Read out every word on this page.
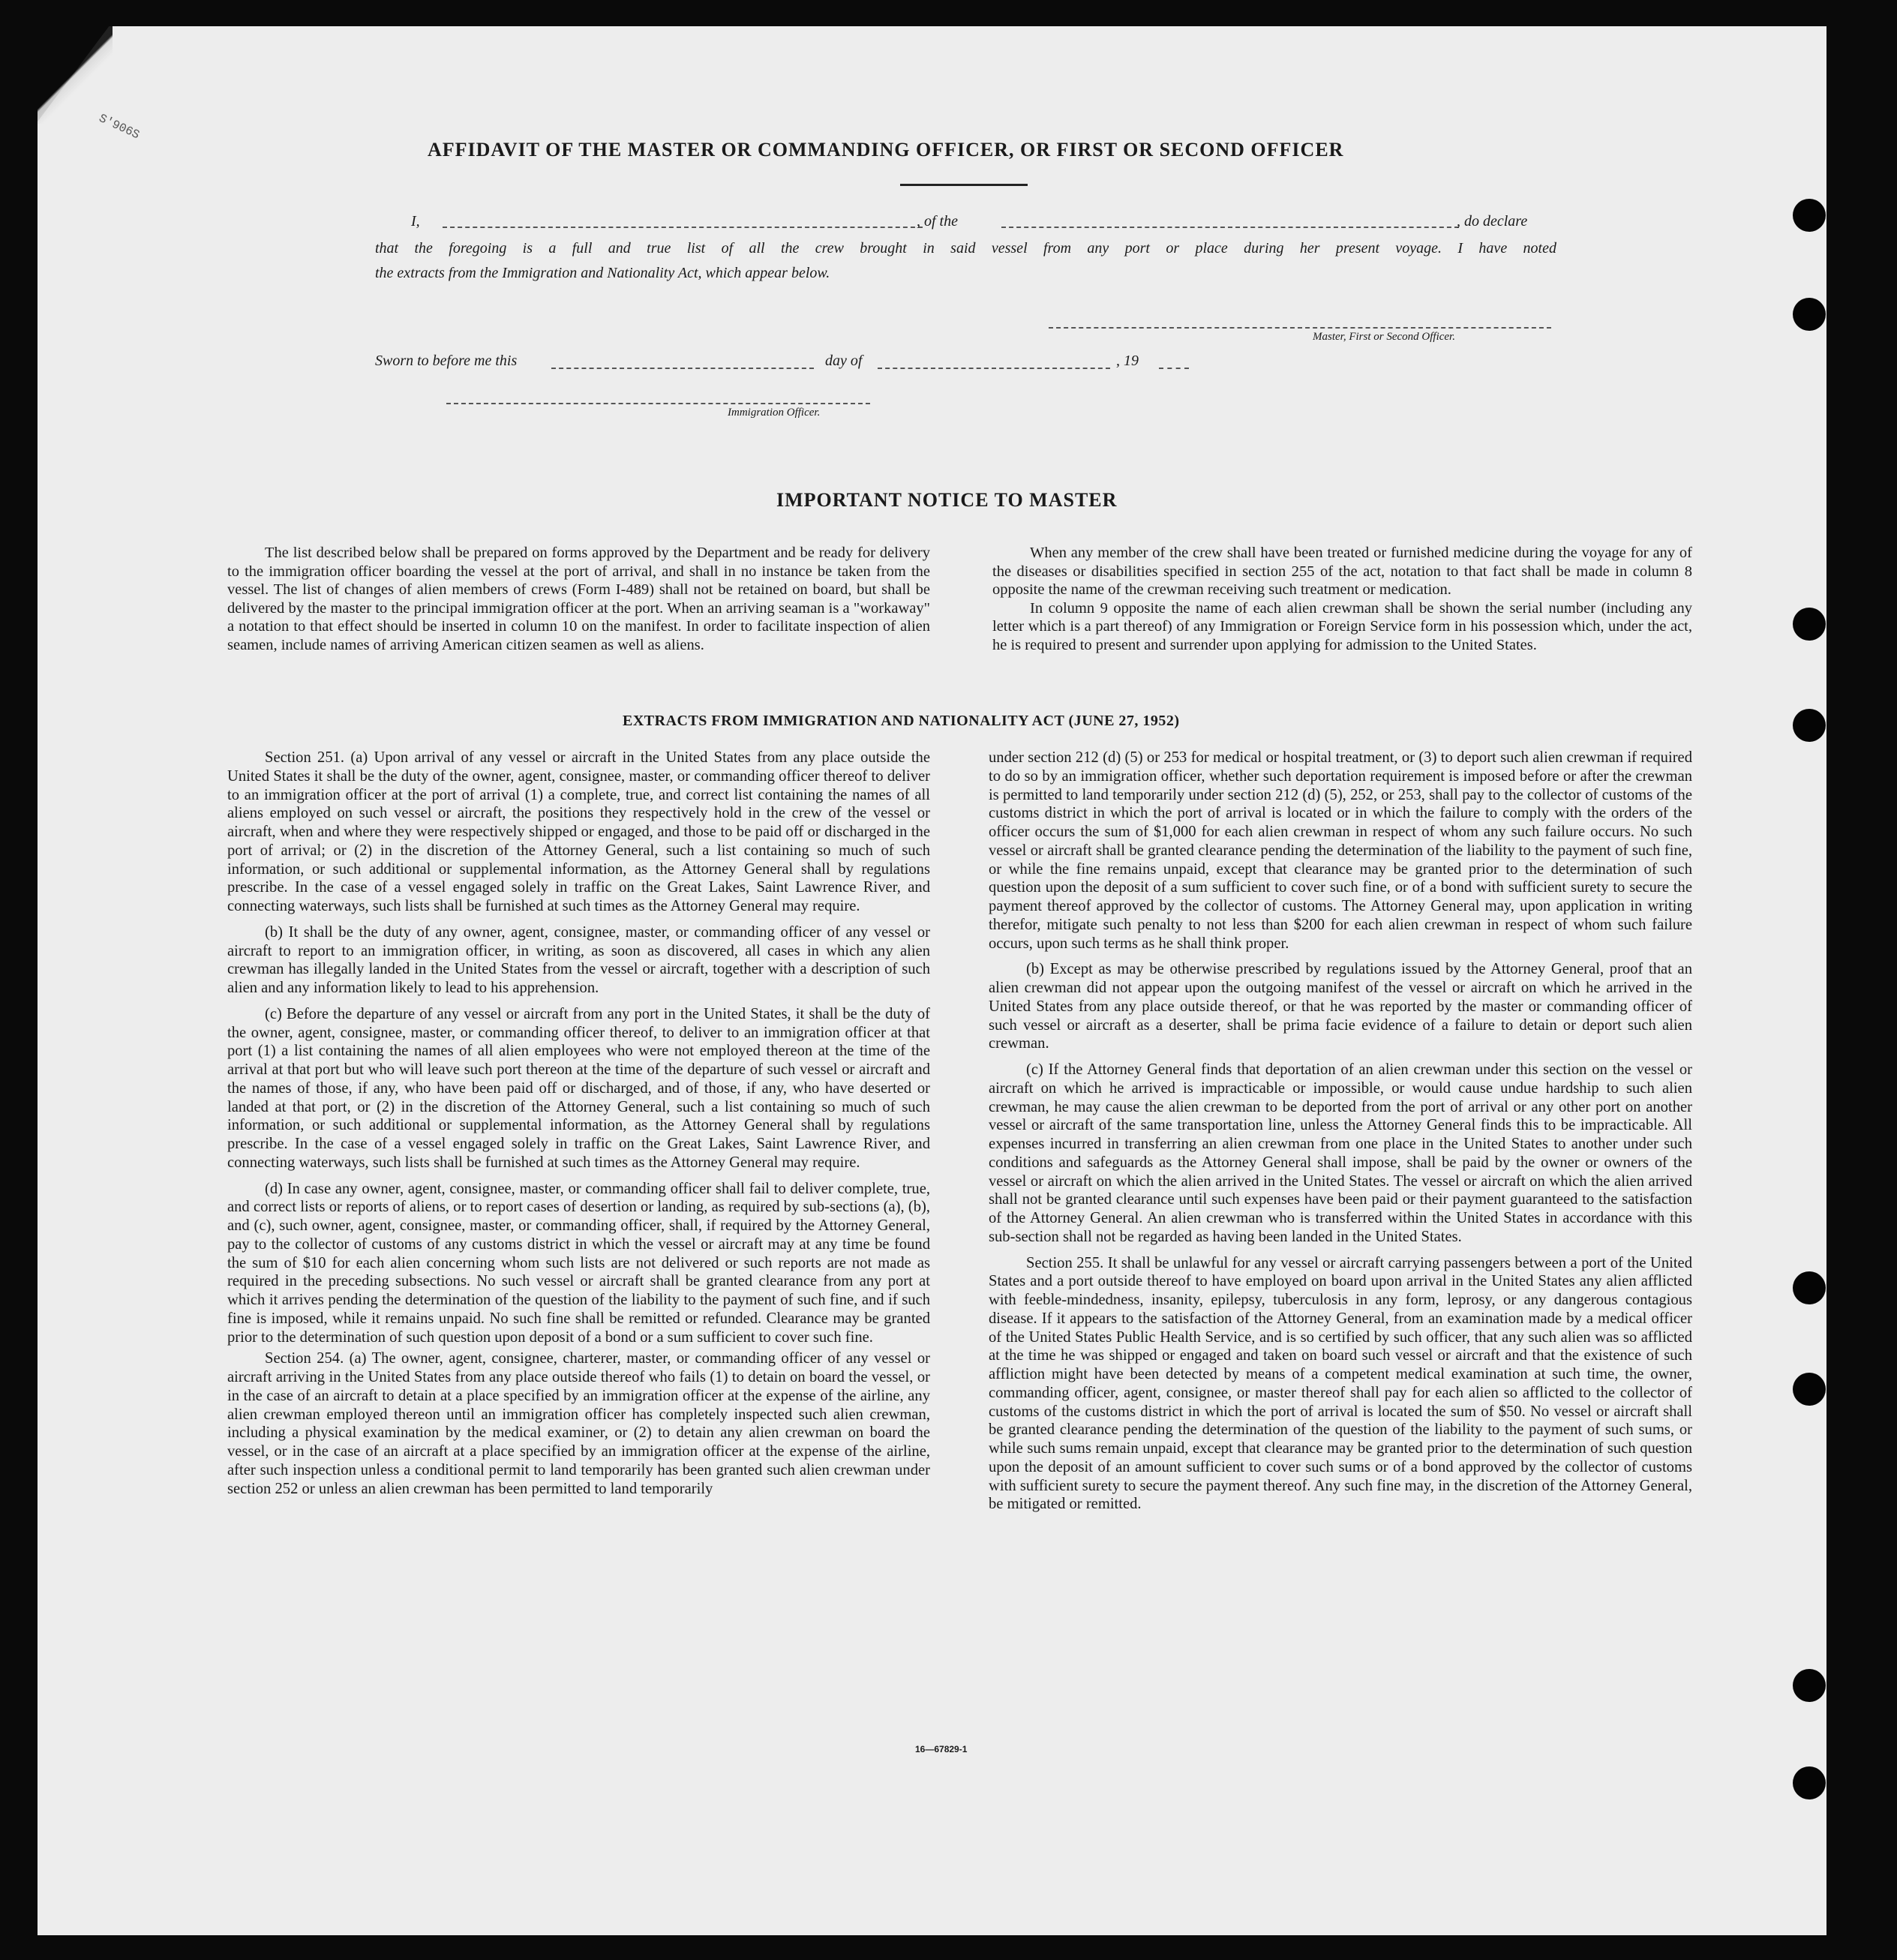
S'906S
AFFIDAVIT OF THE MASTER OR COMMANDING OFFICER, OR FIRST OR SECOND OFFICER
I,	, of the	, do declare
that the foregoing is a full and true list of all the crew brought in said vessel from any port or place during her present voyage. I have noted
the extracts from the Immigration and Nationality Act, which appear below.
Master, First or Second Officer.
Sworn to before me this	day of	, 19
Immigration Officer.
IMPORTANT NOTICE TO MASTER

The list described below shall be prepared on forms approved by the Department and be ready for delivery to the immigration officer boarding the vessel at the port of arrival, and shall in no instance be taken from the vessel. The list of changes of alien members of crews (Form I-489) shall not be retained on board, but shall be delivered by the master to the principal immigration officer at the port. When an arriving seaman is a "workaway" a notation to that effect should be inserted in column 10 on the manifest. In order to facilitate inspection of alien seamen, include names of arriving American citizen seamen as well as aliens.

When any member of the crew shall have been treated or furnished medicine during the voyage for any of the diseases or disabilities specified in section 255 of the act, notation to that fact shall be made in column 8 opposite the name of the crewman receiving such treatment or medication.

In column 9 opposite the name of each alien crewman shall be shown the serial number (including any letter which is a part thereof) of any Immigration or Foreign Service form in his possession which, under the act, he is required to present and surrender upon applying for admission to the United States.

EXTRACTS FROM IMMIGRATION AND NATIONALITY ACT (JUNE 27, 1952)

Section 251. (a) Upon arrival of any vessel or aircraft in the United States from any place outside the United States it shall be the duty of the owner, agent, consignee, master, or commanding officer thereof to deliver to an immigration officer at the port of arrival (1) a complete, true, and correct list containing the names of all aliens employed on such vessel or aircraft, the positions they respectively hold in the crew of the vessel or aircraft, when and where they were respectively shipped or engaged, and those to be paid off or discharged in the port of arrival; or (2) in the discretion of the Attorney General, such a list containing so much of such information, or such additional or supplemental information, as the Attorney General shall by regulations prescribe. In the case of a vessel engaged solely in traffic on the Great Lakes, Saint Lawrence River, and connecting waterways, such lists shall be furnished at such times as the Attorney General may require.

(b) It shall be the duty of any owner, agent, consignee, master, or commanding officer of any vessel or aircraft to report to an immigration officer, in writing, as soon as discovered, all cases in which any alien crewman has illegally landed in the United States from the vessel or aircraft, together with a description of such alien and any information likely to lead to his apprehension.

(c) Before the departure of any vessel or aircraft from any port in the United States, it shall be the duty of the owner, agent, consignee, master, or commanding officer thereof, to deliver to an immigration officer at that port (1) a list containing the names of all alien employees who were not employed thereon at the time of the arrival at that port but who will leave such port thereon at the time of the departure of such vessel or aircraft and the names of those, if any, who have been paid off or discharged, and of those, if any, who have deserted or landed at that port, or (2) in the discretion of the Attorney General, such a list containing so much of such information, or such additional or supplemental information, as the Attorney General shall by regulations prescribe. In the case of a vessel engaged solely in traffic on the Great Lakes, Saint Lawrence River, and connecting waterways, such lists shall be furnished at such times as the Attorney General may require.

(d) In case any owner, agent, consignee, master, or commanding officer shall fail to deliver complete, true, and correct lists or reports of aliens, or to report cases of desertion or landing, as required by sub-sections (a), (b), and (c), such owner, agent, consignee, master, or commanding officer, shall, if required by the Attorney General, pay to the collector of customs of any customs district in which the vessel or aircraft may at any time be found the sum of $10 for each alien concerning whom such lists are not delivered or such reports are not made as required in the preceding subsections. No such vessel or aircraft shall be granted clearance from any port at which it arrives pending the determination of the question of the liability to the payment of such fine, and if such fine is imposed, while it remains unpaid. No such fine shall be remitted or refunded. Clearance may be granted prior to the determination of such question upon deposit of a bond or a sum sufficient to cover such fine.

Section 254. (a) The owner, agent, consignee, charterer, master, or commanding officer of any vessel or aircraft arriving in the United States from any place outside thereof who fails (1) to detain on board the vessel, or in the case of an aircraft to detain at a place specified by an immigration officer at the expense of the airline, any alien crewman employed thereon until an immigration officer has completely inspected such alien crewman, including a physical examination by the medical examiner, or (2) to detain any alien crewman on board the vessel, or in the case of an aircraft at a place specified by an immigration officer at the expense of the airline, after such inspection unless a conditional permit to land temporarily has been granted such alien crewman under section 252 or unless an alien crewman has been permitted to land temporarily

under section 212 (d) (5) or 253 for medical or hospital treatment, or (3) to deport such alien crewman if required to do so by an immigration officer, whether such deportation requirement is imposed before or after the crewman is permitted to land temporarily under section 212 (d) (5), 252, or 253, shall pay to the collector of customs of the customs district in which the port of arrival is located or in which the failure to comply with the orders of the officer occurs the sum of $1,000 for each alien crewman in respect of whom any such failure occurs. No such vessel or aircraft shall be granted clearance pending the determination of the liability to the payment of such fine, or while the fine remains unpaid, except that clearance may be granted prior to the determination of such question upon the deposit of a sum sufficient to cover such fine, or of a bond with sufficient surety to secure the payment thereof approved by the collector of customs. The Attorney General may, upon application in writing therefor, mitigate such penalty to not less than $200 for each alien crewman in respect of whom such failure occurs, upon such terms as he shall think proper.

(b) Except as may be otherwise prescribed by regulations issued by the Attorney General, proof that an alien crewman did not appear upon the outgoing manifest of the vessel or aircraft on which he arrived in the United States from any place outside thereof, or that he was reported by the master or commanding officer of such vessel or aircraft as a deserter, shall be prima facie evidence of a failure to detain or deport such alien crewman.

(c) If the Attorney General finds that deportation of an alien crewman under this section on the vessel or aircraft on which he arrived is impracticable or impossible, or would cause undue hardship to such alien crewman, he may cause the alien crewman to be deported from the port of arrival or any other port on another vessel or aircraft of the same transportation line, unless the Attorney General finds this to be impracticable. All expenses incurred in transferring an alien crewman from one place in the United States to another under such conditions and safeguards as the Attorney General shall impose, shall be paid by the owner or owners of the vessel or aircraft on which the alien arrived in the United States. The vessel or aircraft on which the alien arrived shall not be granted clearance until such expenses have been paid or their payment guaranteed to the satisfaction of the Attorney General. An alien crewman who is transferred within the United States in accordance with this sub-section shall not be regarded as having been landed in the United States.

Section 255. It shall be unlawful for any vessel or aircraft carrying passengers between a port of the United States and a port outside thereof to have employed on board upon arrival in the United States any alien afflicted with feeble-mindedness, insanity, epilepsy, tuberculosis in any form, leprosy, or any dangerous contagious disease. If it appears to the satisfaction of the Attorney General, from an examination made by a medical officer of the United States Public Health Service, and is so certified by such officer, that any such alien was so afflicted at the time he was shipped or engaged and taken on board such vessel or aircraft and that the existence of such affliction might have been detected by means of a competent medical examination at such time, the owner, commanding officer, agent, consignee, or master thereof shall pay for each alien so afflicted to the collector of customs of the customs district in which the port of arrival is located the sum of $50. No vessel or aircraft shall be granted clearance pending the determination of the question of the liability to the payment of such sums, or while such sums remain unpaid, except that clearance may be granted prior to the determination of such question upon the deposit of an amount sufficient to cover such sums or of a bond approved by the collector of customs with sufficient surety to secure the payment thereof. Any such fine may, in the discretion of the Attorney General, be mitigated or remitted.

16—67829-1
